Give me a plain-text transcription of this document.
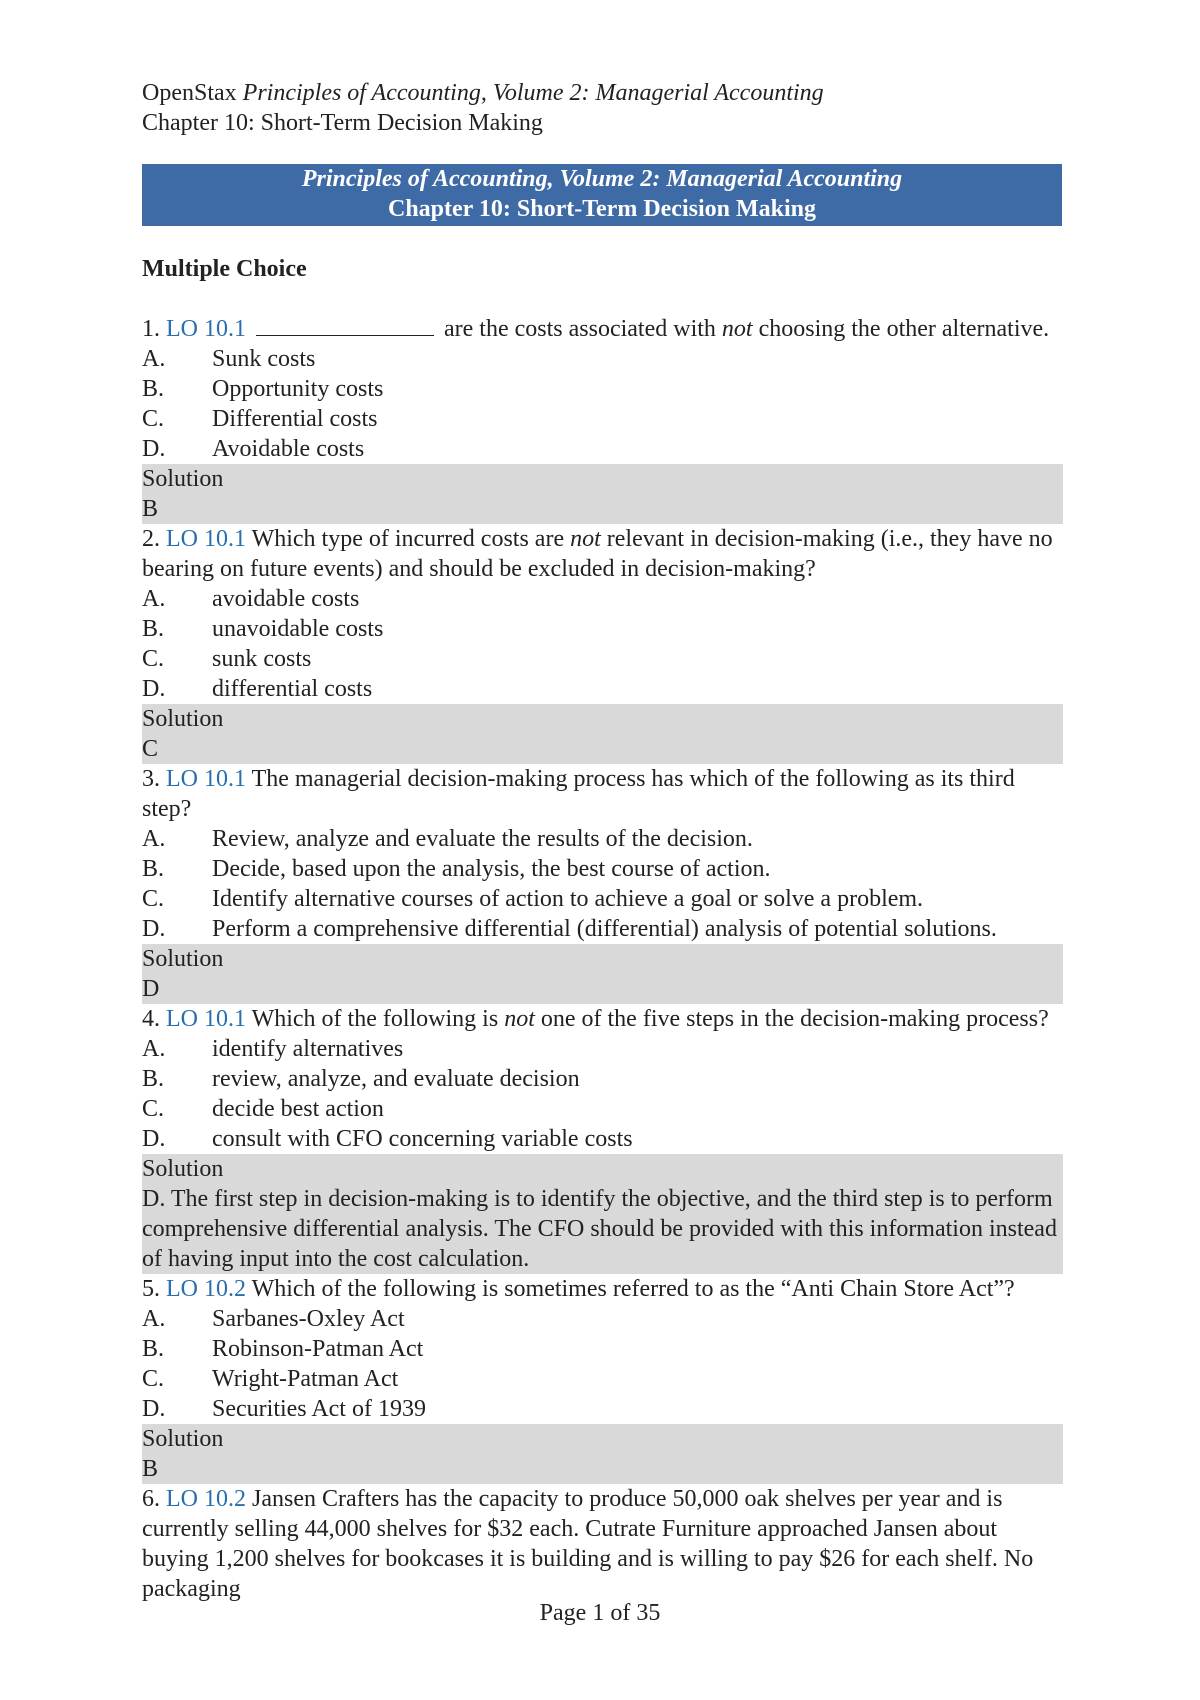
OpenStax Principles of Accounting, Volume 2: Managerial Accounting
Chapter 10: Short-Term Decision Making
Principles of Accounting, Volume 2: Managerial Accounting
Chapter 10: Short-Term Decision Making
Multiple Choice
1. LO 10.1	are the costs associated with not choosing the other alternative.
A.	Sunk costs
B.	Opportunity costs
C.	Differential costs
D.	Avoidable costs
Solution
B
2. LO 10.1 Which type of incurred costs are not relevant in decision-making (i.e., they have no bearing on future events) and should be excluded in decision-making?
A.	avoidable costs
B.	unavoidable costs
C.	sunk costs
D.	differential costs
Solution
C
3. LO 10.1 The managerial decision-making process has which of the following as its third step?
A.	Review, analyze and evaluate the results of the decision.
B.	Decide, based upon the analysis, the best course of action.
C.	Identify alternative courses of action to achieve a goal or solve a problem.
D.	Perform a comprehensive differential (differential) analysis of potential solutions.
Solution
D
4. LO 10.1 Which of the following is not one of the five steps in the decision-making process?
A.	identify alternatives
B.	review, analyze, and evaluate decision
C.	decide best action
D.	consult with CFO concerning variable costs
Solution
D. The first step in decision-making is to identify the objective, and the third step is to perform comprehensive differential analysis. The CFO should be provided with this information instead of having input into the cost calculation.
5. LO 10.2 Which of the following is sometimes referred to as the “Anti Chain Store Act”?
A.	Sarbanes-Oxley Act
B.	Robinson-Patman Act
C.	Wright-Patman Act
D.	Securities Act of 1939
Solution
B
6. LO 10.2 Jansen Crafters has the capacity to produce 50,000 oak shelves per year and is currently selling 44,000 shelves for $32 each. Cutrate Furniture approached Jansen about buying 1,200 shelves for bookcases it is building and is willing to pay $26 for each shelf. No packaging
Page 1 of 35
